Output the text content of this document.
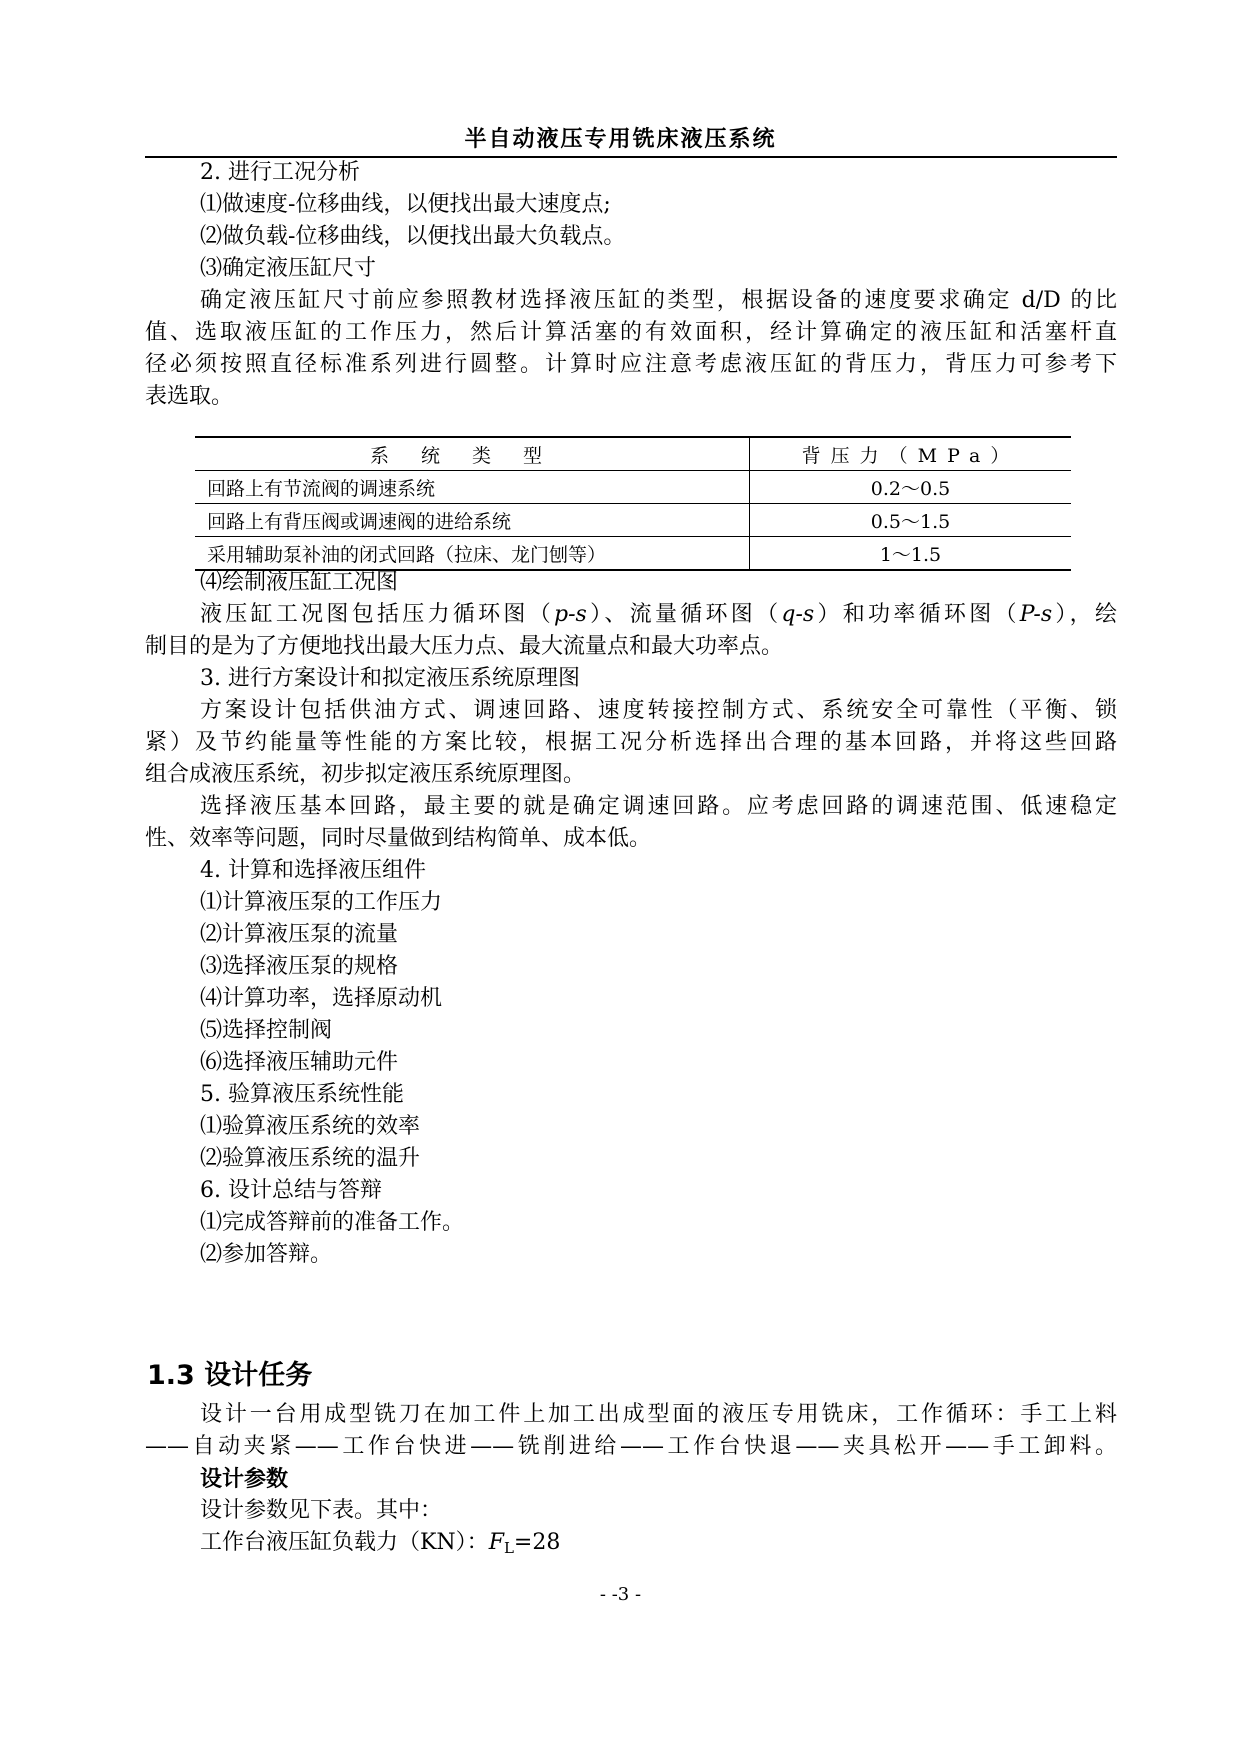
半自动液压专用铣床液压系统
2. 进行工况分析
⑴做速度-位移曲线，以便找出最大速度点;
⑵做负载-位移曲线，以便找出最大负载点。
⑶确定液压缸尺寸
确定液压缸尺寸前应参照教材选择液压缸的类型，根据设备的速度要求确定 d/D 的比
值、选取液压缸的工作压力，然后计算活塞的有效面积，经计算确定的液压缸和活塞杆直
径必须按照直径标准系列进行圆整。计算时应注意考虑液压缸的背压力，背压力可参考下
表选取。
系统类型	背压力（MPa）
回路上有节流阀的调速系统	0.2～0.5
回路上有背压阀或调速阀的进给系统	0.5～1.5
采用辅助泵补油的闭式回路（拉床、龙门刨等）	1～1.5
⑷绘制液压缸工况图
液压缸工况图包括压力循环图（p-s）、流量循环图（q-s）和功率循环图（P-s），绘
制目的是为了方便地找出最大压力点、最大流量点和最大功率点。
3. 进行方案设计和拟定液压系统原理图
方案设计包括供油方式、调速回路、速度转接控制方式、系统安全可靠性（平衡、锁
紧）及节约能量等性能的方案比较，根据工况分析选择出合理的基本回路，并将这些回路
组合成液压系统，初步拟定液压系统原理图。
选择液压基本回路，最主要的就是确定调速回路。应考虑回路的调速范围、低速稳定
性、效率等问题，同时尽量做到结构简单、成本低。
4. 计算和选择液压组件
⑴计算液压泵的工作压力
⑵计算液压泵的流量
⑶选择液压泵的规格
⑷计算功率，选择原动机
⑸选择控制阀
⑹选择液压辅助元件
5. 验算液压系统性能
⑴验算液压系统的效率
⑵验算液压系统的温升
6. 设计总结与答辩
⑴完成答辩前的准备工作。
⑵参加答辩。
1.3 设计任务
设计一台用成型铣刀在加工件上加工出成型面的液压专用铣床，工作循环：手工上料
——自动夹紧——工作台快进——铣削进给——工作台快退——夹具松开——手工卸料。
设计参数
设计参数见下表。其中：
工作台液压缸负载力（KN）：$F_L=28$
- -3 -
